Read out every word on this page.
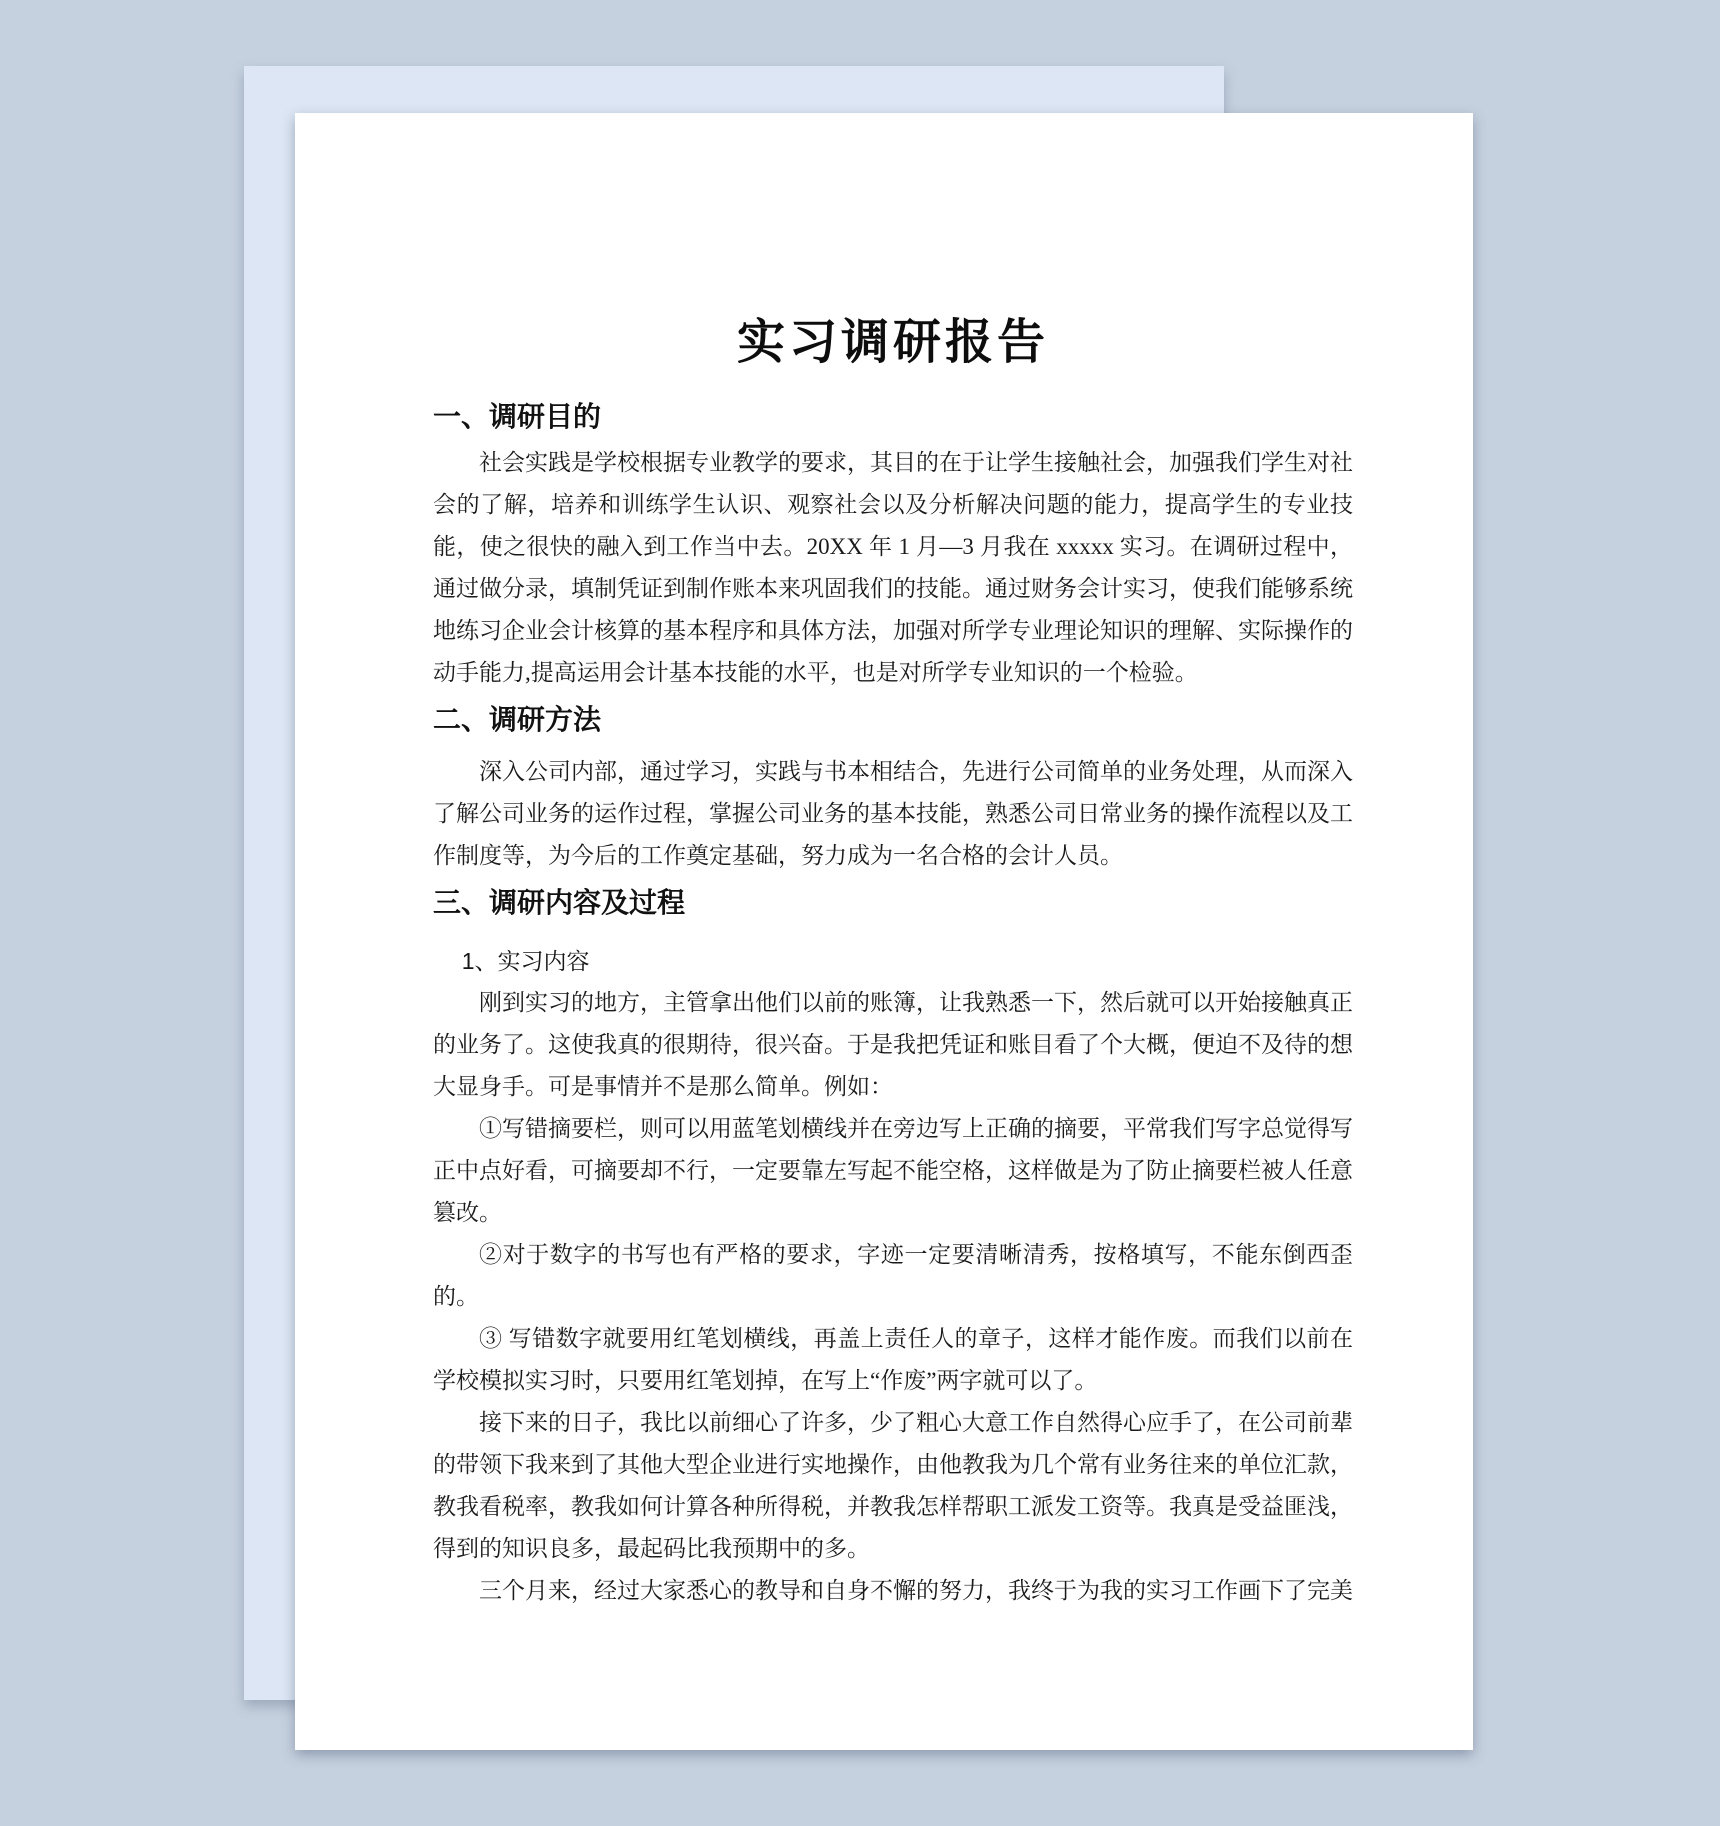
实习调研报告
一、调研目的

社会实践是学校根据专业教学的要求，其目的在于让学生接触社会，加强我们学生对社会的了解，培养和训练学生认识、观察社会以及分析解决问题的能力，提高学生的专业技能，使之很快的融入到工作当中去。20XX 年 1 月—3 月我在 xxxxx 实习。在调研过程中，通过做分录，填制凭证到制作账本来巩固我们的技能。通过财务会计实习，使我们能够系统地练习企业会计核算的基本程序和具体方法，加强对所学专业理论知识的理解、实际操作的动手能力,提高运用会计基本技能的水平，也是对所学专业知识的一个检验。

二、调研方法

深入公司内部，通过学习，实践与书本相结合，先进行公司简单的业务处理，从而深入了解公司业务的运作过程，掌握公司业务的基本技能，熟悉公司日常业务的操作流程以及工作制度等，为今后的工作奠定基础，努力成为一名合格的会计人员。

三、调研内容及过程
1、实习内容

刚到实习的地方，主管拿出他们以前的账簿，让我熟悉一下，然后就可以开始接触真正的业务了。这使我真的很期待，很兴奋。于是我把凭证和账目看了个大概，便迫不及待的想大显身手。可是事情并不是那么简单。例如：

①写错摘要栏，则可以用蓝笔划横线并在旁边写上正确的摘要，平常我们写字总觉得写正中点好看，可摘要却不行，一定要靠左写起不能空格，这样做是为了防止摘要栏被人任意篡改。

②对于数字的书写也有严格的要求，字迹一定要清晰清秀，按格填写，不能东倒西歪的。

③ 写错数字就要用红笔划横线，再盖上责任人的章子，这样才能作废。而我们以前在学校模拟实习时，只要用红笔划掉，在写上“作废”两字就可以了。

接下来的日子，我比以前细心了许多，少了粗心大意工作自然得心应手了，在公司前辈的带领下我来到了其他大型企业进行实地操作，由他教我为几个常有业务往来的单位汇款，教我看税率，教我如何计算各种所得税，并教我怎样帮职工派发工资等。我真是受益匪浅，得到的知识良多，最起码比我预期中的多。

三个月来，经过大家悉心的教导和自身不懈的努力，我终于为我的实习工作画下了完美
